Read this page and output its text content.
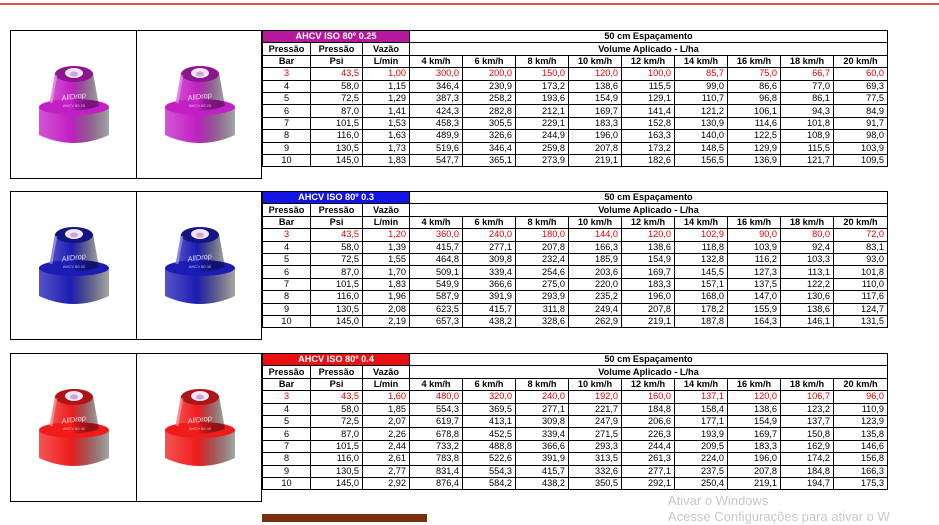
AllDrop
AHCV 80 25
AllDrop
AHCV 80 25
AHCV ISO 80º 0.25			50 cm Espaçamento								
Pressão	Pressão	Vazão	Volume Aplicado - L/ha								
Bar	Psi	L/min	4 km/h	6 km/h	8 km/h	10 km/h	12 km/h	14 km/h	16 km/h	18 km/h	20 km/h
3	43,5	1,00	300,0	200,0	150,0	120,0	100,0	85,7	75,0	66,7	60,0
4	58,0	1,15	346,4	230,9	173,2	138,6	115,5	99,0	86,6	77,0	69,3
5	72,5	1,29	387,3	258,2	193,6	154,9	129,1	110,7	96,8	86,1	77,5
6	87,0	1,41	424,3	282,8	212,1	169,7	141,4	121,2	106,1	94,3	84,9
7	101,5	1,53	458,3	305,5	229,1	183,3	152,8	130,9	114,6	101,8	91,7
8	116,0	1,63	489,9	326,6	244,9	196,0	163,3	140,0	122,5	108,9	98,0
9	130,5	1,73	519,6	346,4	259,8	207,8	173,2	148,5	129,9	115,5	103,9
10	145,0	1,83	547,7	365,1	273,9	219,1	182,6	156,5	136,9	121,7	109,5
AllDrop
AHCV 80 30
AllDrop
AHCV 80 30
AHCV ISO 80º 0.3			50 cm Espaçamento								
Pressão	Pressão	Vazão	Volume Aplicado - L/ha								
Bar	Psi	L/min	4 km/h	6 km/h	8 km/h	10 km/h	12 km/h	14 km/h	16 km/h	18 km/h	20 km/h
3	43,5	1,20	360,0	240,0	180,0	144,0	120,0	102,9	90,0	80,0	72,0
4	58,0	1,39	415,7	277,1	207,8	166,3	138,6	118,8	103,9	92,4	83,1
5	72,5	1,55	464,8	309,8	232,4	185,9	154,9	132,8	116,2	103,3	93,0
6	87,0	1,70	509,1	339,4	254,6	203,6	169,7	145,5	127,3	113,1	101,8
7	101,5	1,83	549,9	366,6	275,0	220,0	183,3	157,1	137,5	122,2	110,0
8	116,0	1,96	587,9	391,9	293,9	235,2	196,0	168,0	147,0	130,6	117,6
9	130,5	2,08	623,5	415,7	311,8	249,4	207,8	178,2	155,9	138,6	124,7
10	145,0	2,19	657,3	438,2	328,6	262,9	219,1	187,8	164,3	146,1	131,5
AllDrop
AHCV 80 40
AllDrop
AHCV 80 40
AHCV ISO 80º 0.4			50 cm Espaçamento								
Pressão	Pressão	Vazão	Volume Aplicado - L/ha								
Bar	Psi	L/min	4 km/h	6 km/h	8 km/h	10 km/h	12 km/h	14 km/h	16 km/h	18 km/h	20 km/h
3	43,5	1,60	480,0	320,0	240,0	192,0	160,0	137,1	120,0	106,7	96,0
4	58,0	1,85	554,3	369,5	277,1	221,7	184,8	158,4	138,6	123,2	110,9
5	72,5	2,07	619,7	413,1	309,8	247,9	206,6	177,1	154,9	137,7	123,9
6	87,0	2,26	678,8	452,5	339,4	271,5	226,3	193,9	169,7	150,8	135,8
7	101,5	2,44	733,2	488,8	366,6	293,3	244,4	209,5	183,3	162,9	146,6
8	116,0	2,61	783,8	522,6	391,9	313,5	261,3	224,0	196,0	174,2	156,8
9	130,5	2,77	831,4	554,3	415,7	332,6	277,1	237,5	207,8	184,8	166,3
10	145,0	2,92	876,4	584,2	438,2	350,5	292,1	250,4	219,1	194,7	175,3
Ativar o Windows
Acesse Configurações para ativar o W
